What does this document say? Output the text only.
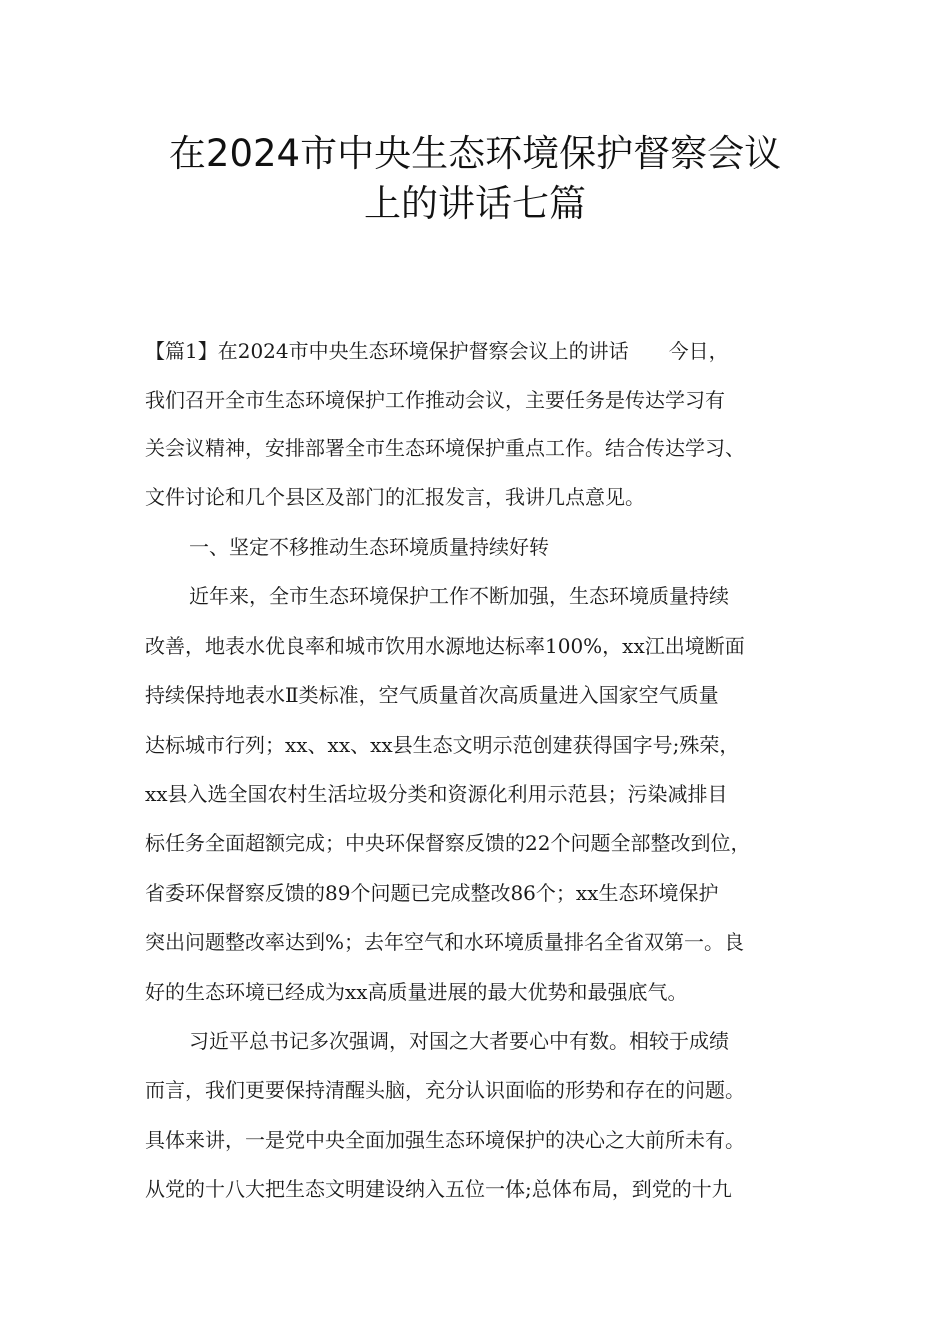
在2024市中央生态环境保护督察会议
上的讲话七篇
【篇1】在2024市中央生态环境保护督察会议上的讲话　　今日，
我们召开全市生态环境保护工作推动会议，主要任务是传达学习有
关会议精神，安排部署全市生态环境保护重点工作。结合传达学习、
文件讨论和几个县区及部门的汇报发言，我讲几点意见。
一、坚定不移推动生态环境质量持续好转
近年来，全市生态环境保护工作不断加强，生态环境质量持续
改善，地表水优良率和城市饮用水源地达标率100%，xx江出境断面
持续保持地表水Ⅱ类标准，空气质量首次高质量进入国家空气质量
达标城市行列；xx、xx、xx县生态文明示范创建获得国字号;殊荣，
xx县入选全国农村生活垃圾分类和资源化利用示范县；污染减排目
标任务全面超额完成；中央环保督察反馈的22个问题全部整改到位，
省委环保督察反馈的89个问题已完成整改86个；xx生态环境保护
突出问题整改率达到%；去年空气和水环境质量排名全省双第一。良
好的生态环境已经成为xx高质量进展的最大优势和最强底气。
习近平总书记多次强调，对国之大者要心中有数。相较于成绩
而言，我们更要保持清醒头脑，充分认识面临的形势和存在的问题。
具体来讲，一是党中央全面加强生态环境保护的决心之大前所未有。
从党的十八大把生态文明建设纳入五位一体;总体布局，到党的十九
